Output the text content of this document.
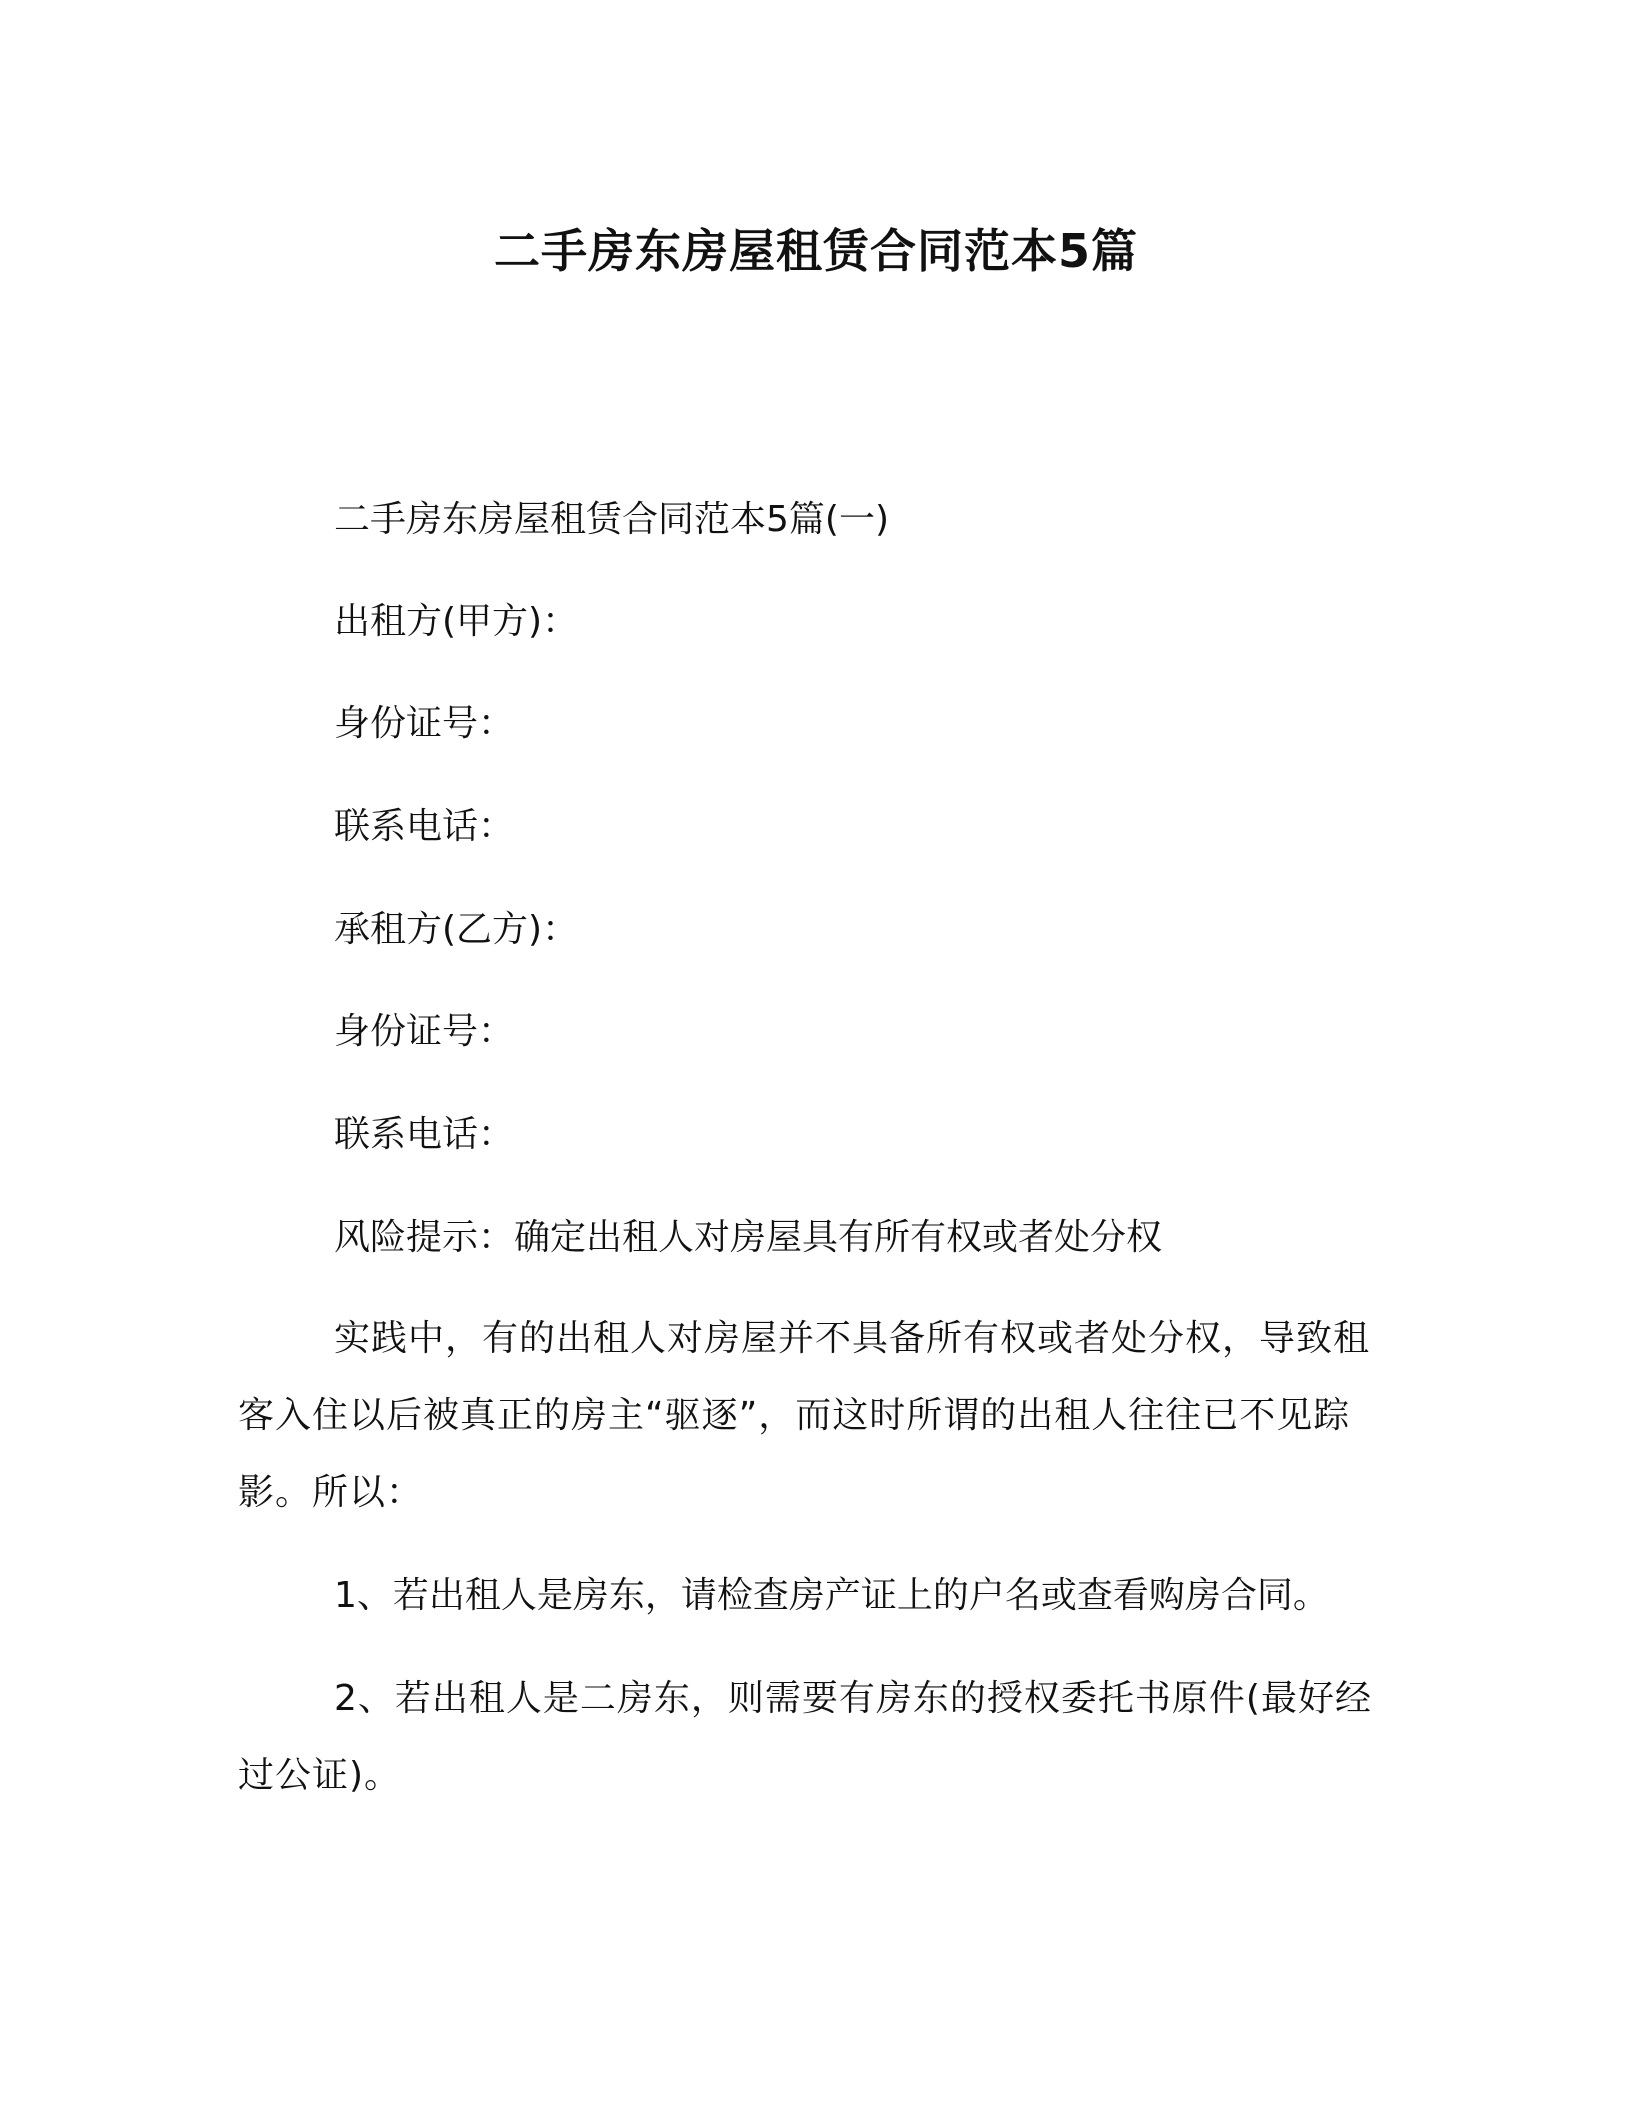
二手房东房屋租赁合同范本5篇

二手房东房屋租赁合同范本5篇(一)

出租方(甲方)：

身份证号：

联系电话：

承租方(乙方)：

身份证号：

联系电话：

风险提示：确定出租人对房屋具有所有权或者处分权

实践中，有的出租人对房屋并不具备所有权或者处分权，导致租客入住以后被真正的房主“驱逐”，而这时所谓的出租人往往已不见踪影。所以：

1、若出租人是房东，请检查房产证上的户名或查看购房合同。

2、若出租人是二房东，则需要有房东的授权委托书原件(最好经过公证)。
